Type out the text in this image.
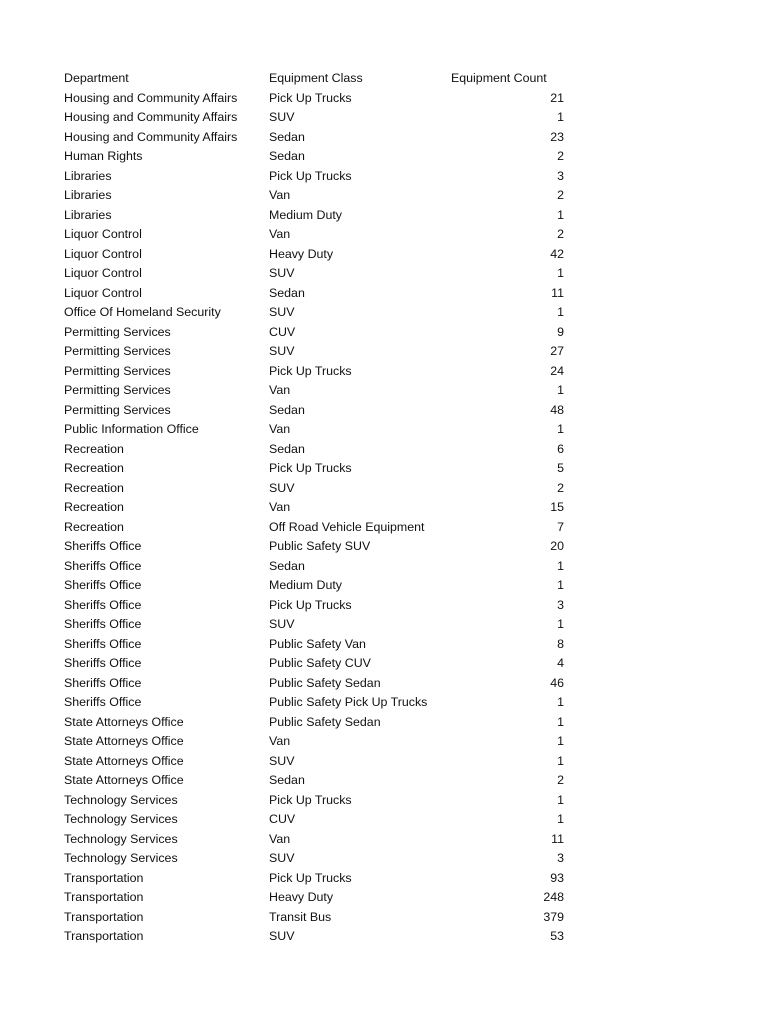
Department	Equipment Class	Equipment Count
Housing and Community Affairs	Pick Up Trucks	21
Housing and Community Affairs	SUV	1
Housing and Community Affairs	Sedan	23
Human Rights	Sedan	2
Libraries	Pick Up Trucks	3
Libraries	Van	2
Libraries	Medium Duty	1
Liquor Control	Van	2
Liquor Control	Heavy Duty	42
Liquor Control	SUV	1
Liquor Control	Sedan	11
Office Of Homeland Security	SUV	1
Permitting Services	CUV	9
Permitting Services	SUV	27
Permitting Services	Pick Up Trucks	24
Permitting Services	Van	1
Permitting Services	Sedan	48
Public Information Office	Van	1
Recreation	Sedan	6
Recreation	Pick Up Trucks	5
Recreation	SUV	2
Recreation	Van	15
Recreation	Off Road Vehicle Equipment	7
Sheriffs Office	Public Safety SUV	20
Sheriffs Office	Sedan	1
Sheriffs Office	Medium Duty	1
Sheriffs Office	Pick Up Trucks	3
Sheriffs Office	SUV	1
Sheriffs Office	Public Safety Van	8
Sheriffs Office	Public Safety CUV	4
Sheriffs Office	Public Safety Sedan	46
Sheriffs Office	Public Safety Pick Up Trucks	1
State Attorneys Office	Public Safety Sedan	1
State Attorneys Office	Van	1
State Attorneys Office	SUV	1
State Attorneys Office	Sedan	2
Technology Services	Pick Up Trucks	1
Technology Services	CUV	1
Technology Services	Van	11
Technology Services	SUV	3
Transportation	Pick Up Trucks	93
Transportation	Heavy Duty	248
Transportation	Transit Bus	379
Transportation	SUV	53
